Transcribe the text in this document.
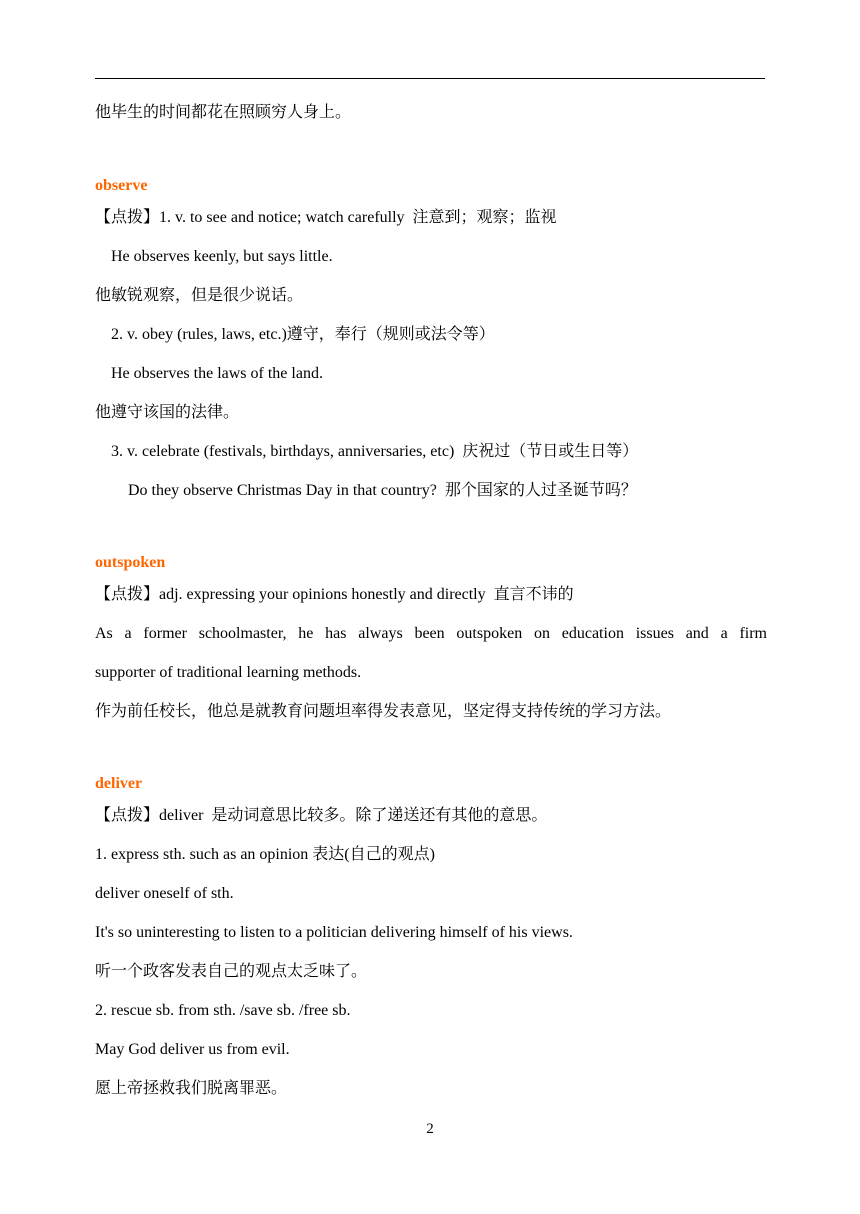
他毕生的时间都花在照顾穷人身上。
observe
【点拨】1. v. to see and notice; watch carefully  注意到；观察；监视
He observes keenly, but says little.
他敏锐观察，但是很少说话。
2. v. obey (rules, laws, etc.)遵守，奉行（规则或法令等）
He observes the laws of the land.
他遵守该国的法律。
3. v. celebrate (festivals, birthdays, anniversaries, etc)  庆祝过（节日或生日等）
Do they observe Christmas Day in that country?  那个国家的人过圣诞节吗？
outspoken
【点拨】adj. expressing your opinions honestly and directly  直言不讳的
As a former schoolmaster, he has always been outspoken on education issues and a firm
supporter of traditional learning methods.
作为前任校长，他总是就教育问题坦率得发表意见，坚定得支持传统的学习方法。
deliver
【点拨】deliver  是动词意思比较多。除了递送还有其他的意思。
1. express sth. such as an opinion 表达(自己的观点)
deliver oneself of sth.
It's so uninteresting to listen to a politician delivering himself of his views.
听一个政客发表自己的观点太乏味了。
2. rescue sb. from sth. /save sb. /free sb.
May God deliver us from evil.
愿上帝拯救我们脱离罪恶。
2
